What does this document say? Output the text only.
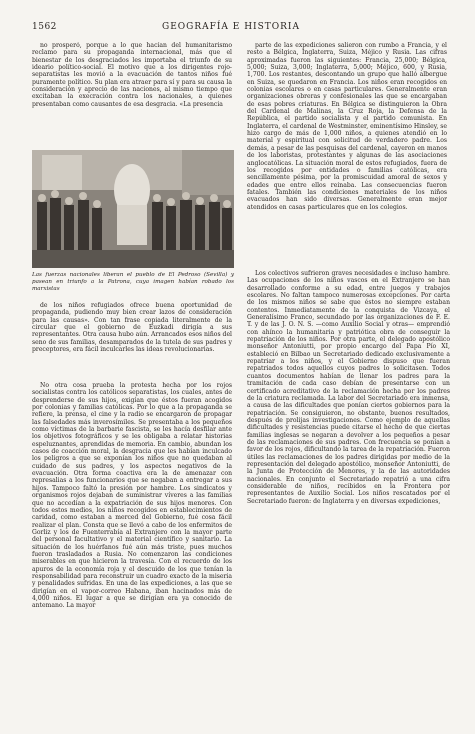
1562	GEOGRAFÍA E HISTORIA

no prosperó, porque a lo que hacían del humanitarismo reclamo para su propaganda internacional, más que el bienestar de los desgraciados les importaba el triunfo de su ideario político-social. El motivo que a los dirigentes rojo-separatistas les movió a la evacuación de tantos niños fué puramente político. Su plan era atraer para sí y para su causa la consideración y aprecio de las naciones, al mismo tiempo que excitaban la execración contra los nacionales, a quienes presentaban como causantes de esa desgracia. «La presencia

Las fuerzas nacionales liberan el pueblo de El Pedroso (Sevilla) y pasean en triunfo a la Patrona, cuya imagen habían robado los marxistas

de los niños refugiados ofrece buena oportunidad de propaganda, pudiendo muy bien crear lazos de consideración para las causas». Con tan frase copiada literalmente de la circular que el gobierno de Euzkadi dirigía a sus representantes. Otra causa hubo aún. Arrancados esos niños del seno de sus familias, desamparados de la tutela de sus padres y preceptores, era fácil inculcarles las ideas revolucionarias.

No otra cosa prueba la protesta hecha por los rojos socialistas contra los católicos separatistas, los cuales, antes de desprenderse de sus hijos, exigían que éstos fueran acogidos por colonias y familias católicas. Por lo que a la propaganda se refiere, la prensa, el cine y la radio se encargaron de propagar las falsedades más inverosímiles. Se presentaba a los pequeños como víctimas de la barbarie fascista, se les hacía desfilar ante los objetivos fotográficos y se les obligaba a relatar historias espeluznantes, aprendidas de memoria. En cambio, abundan los casos de coacción moral, la desgracia que les habían inculcado los peligros a que se exponían los niños que no quedaban al cuidado de sus padres, y los aspectos negativos de la evacuación. Otra forma coactiva era la de amenazar con represalias a los funcionarios que se negaban a entregar a sus hijos. Tampoco faltó la presión por hambre. Los sindicatos y organismos rojos dejaban de suministrar víveres a las familias que no accedían a la expatriación de sus hijos menores. Con todos estos medios, los niños recogidos en establecimientos de caridad, como estaban a merced del Gobierno, fué cosa fácil realizar el plan. Consta que se llevó a cabo de los enfermitos de Gorliz y los de Fuenterrabía al Extranjero con la mayor parte del personal facultativo y el material científico y sanitario. La situación de los huérfanos fué aún más triste, pues muchos fueron trasladados a Rusia. No comenzaron las condiciones miserables en que hicieron la travesía. Con el recuerdo de los apuros de la economía roja y el descuido de los que tenían la responsabilidad para reconstruir un cuadro exacto de la miseria y penalidades sufridas. En una de las expediciones, a las que se dirigían en el vapor-correo Habana, iban hacinados más de 4,000 niños. El lugar a que se dirigían era ya conocido de antemano. La mayor

parte de las expediciones salieron con rumbo a Francia, y el resto a Bélgica, Inglaterra, Suiza, Méjico y Rusia. Las cifras aproximadas fueron las siguientes: Francia, 25,000; Bélgica, 5,000; Suiza, 3,000; Inglaterra, 5,000; Méjico, 600, y Rusia, 1,700. Los restantes, descontando un grupo que halló albergue en Suiza, se quedaron en Francia. Los niños eran recogidos en colonias escolares o en casas particulares. Generalmente eran organizaciones obreras y confesionales las que se encargaban de esas pobres criaturas. En Bélgica se distinguieron la Obra del Cardenal de Malinas, la Cruz Roja, la Defensa de la República, el partido socialista y el partido comunista. En Inglaterra, el cardenal de Westminster, eminentísimo Hinsley, se hizo cargo de más de 1,000 niños, a quienes atendió en lo material y espiritual con solicitud de verdadero padre. Los demás, a pesar de las pesquisas del cardenal, cayeron en manos de los laboristas, protestantes y algunas de las asociaciones anglocatólicas. La situación moral de estos refugiados, fuera de los recogidos por entidades o familias católicas, era sencillamente pésima, por la promiscuidad amoral de sexos y edades que entre ellos reinaba. Las consecuencias fueron fatales. También las condiciones materiales de los niños evacuados han sido diversas. Generalmente eran mejor atendidos en casas particulares que en los colegios.

Los colectivos sufrieron graves necesidades e incluso hambre. Las ocupaciones de los niños vascos en el Extranjero se han desarrollado conforme a su edad, entre juegos y trabajos escolares. No faltan tampoco numerosas excepciones. Por carta de los mismos niños se sabe que éstos no siempre estaban contentos. Inmediatamente de la conquista de Vizcaya, el Generalísimo Franco, secundado por las organizaciones de F. E. T. y de las J. O. N. S. —como Auxilio Social y otras— emprendió con ahínco la humanitaria y patriótica obra de conseguir la repatriación de los niños. Por otra parte, el delegado apostólico monseñor Antoniutti, por propio encargo del Papa Pío XI, estableció en Bilbao un Secretariado dedicado exclusivamente a repatriar a los niños, y el Gobierno dispuso que fueran repatriados todos aquellos cuyos padres lo solicitasen. Todos cuantos documentos habían de llenar los padres para la tramitación de cada caso debían de presentarse con un certificado acreditativo de la reclamación hecha por los padres de la criatura reclamada. La labor del Secretariado era inmensa, a causa de las dificultades que ponían ciertos gobiernos para la repatriación. Se consiguieron, no obstante, buenos resultados, después de prolijas investigaciones. Como ejemplo de aquellas dificultades y resistencias puede citarse el hecho de que ciertas familias inglesas se negaran a devolver a los pequeños a pesar de las reclamaciones de sus padres. Con frecuencia se ponían a favor de los rojos, dificultando la tarea de la repatriación. Fueron útiles las reclamaciones de los padres dirigidas por medio de la representación del delegado apostólico, monseñor Antoniutti, de la Junta de Protección de Menores, y la de las autoridades nacionales. En conjunto el Secretariado repatrió a una cifra considerable de niños, recibidos en la Frontera por representantes de Auxilio Social. Los niños rescatados por el Secretariado fueron: de Inglaterra y en diversas expediciones,
